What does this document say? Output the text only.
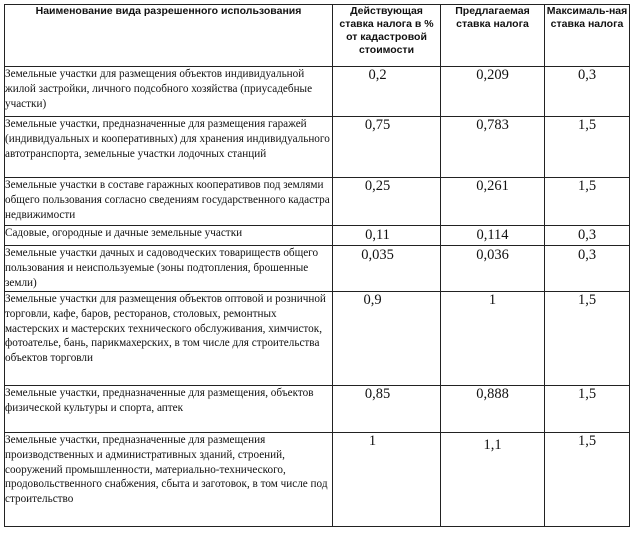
Наименование вида разрешенного использования	Действующая ставка налога в % от кадастровой стоимости	Предлагаемая ставка налога	Максималь-ная ставка налога
Земельные участки для размещения объектов индивидуальной жилой застройки, личного подсобного хозяйства (приусадебные участки)	0,2	0,209	0,3
Земельные участки, предназначенные для размещения гаражей (индивидуальных и кооперативных) для хранения индивидуального автотранспорта, земельные участки лодочных станций	0,75	0,783	1,5
Земельные участки в составе гаражных кооперативов под землями общего пользования согласно сведениям государственного кадастра недвижимости	0,25	0,261	1,5
Садовые, огородные и дачные земельные участки	0,11	0,114	0,3
Земельные участки дачных и садоводческих товариществ общего пользования и неиспользуемые (зоны подтопления, брошенные земли)	0,035	0,036	0,3
Земельные участки для размещения объектов оптовой и розничной торговли, кафе, баров, ресторанов, столовых, ремонтных мастерских и мастерских технического обслуживания, химчисток, фотоателье, бань, парикмахерских, в том числе для строительства объектов торговли	0,9	1	1,5
Земельные участки, предназначенные для размещения, объектов физической культуры и спорта, аптек	0,85	0,888	1,5
Земельные участки, предназначенные для размещения производственных и административных зданий, строений, сооружений промышленности, материально-технического, продовольственного снабжения, сбыта и заготовок, в том числе под строительство	1	1,1	1,5
